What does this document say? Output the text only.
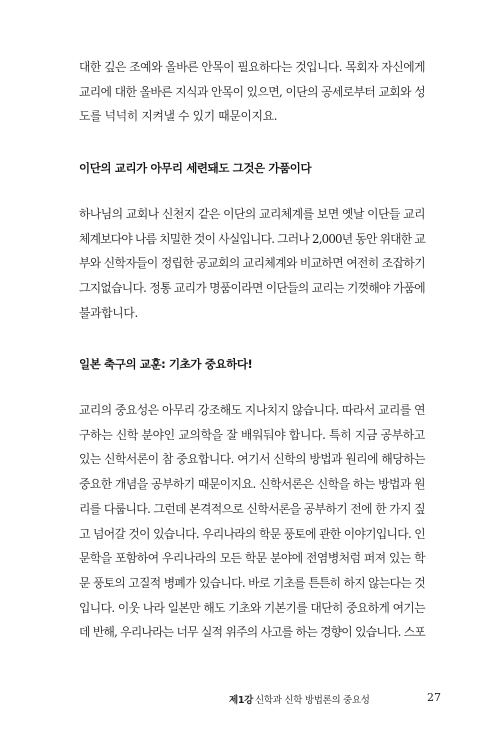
대한 깊은 조예와 올바른 안목이 필요하다는 것입니다. 목회자 자신에게
교리에 대한 올바른 지식과 안목이 있으면, 이단의 공세로부터 교회와 성
도를 넉넉히 지켜낼 수 있기 때문이지요.

이단의 교리가 아무리 세련돼도 그것은 가품이다

하나님의 교회나 신천지 같은 이단의 교리체계를 보면 옛날 이단들 교리
체계보다야 나름 치밀한 것이 사실입니다. 그러나 2,000년 동안 위대한 교
부와 신학자들이 정립한 공교회의 교리체계와 비교하면 여전히 조잡하기
그지없습니다. 정통 교리가 명품이라면 이단들의 교리는 기껏해야 가품에
불과합니다.

일본 축구의 교훈: 기초가 중요하다!

교리의 중요성은 아무리 강조해도 지나치지 않습니다. 따라서 교리를 연
구하는 신학 분야인 교의학을 잘 배워둬야 합니다. 특히 지금 공부하고
있는 신학서론이 참 중요합니다. 여기서 신학의 방법과 원리에 해당하는
중요한 개념을 공부하기 때문이지요. 신학서론은 신학을 하는 방법과 원
리를 다룹니다. 그런데 본격적으로 신학서론을 공부하기 전에 한 가지 짚
고 넘어갈 것이 있습니다. 우리나라의 학문 풍토에 관한 이야기입니다. 인
문학을 포함하여 우리나라의 모든 학문 분야에 전염병처럼 퍼져 있는 학
문 풍토의 고질적 병폐가 있습니다. 바로 기초를 튼튼히 하지 않는다는 것
입니다. 이웃 나라 일본만 해도 기초와 기본기를 대단히 중요하게 여기는
데 반해, 우리나라는 너무 실적 위주의 사고를 하는 경향이 있습니다. 스포

제1강 신학과 신학 방법론의 중요성	27
